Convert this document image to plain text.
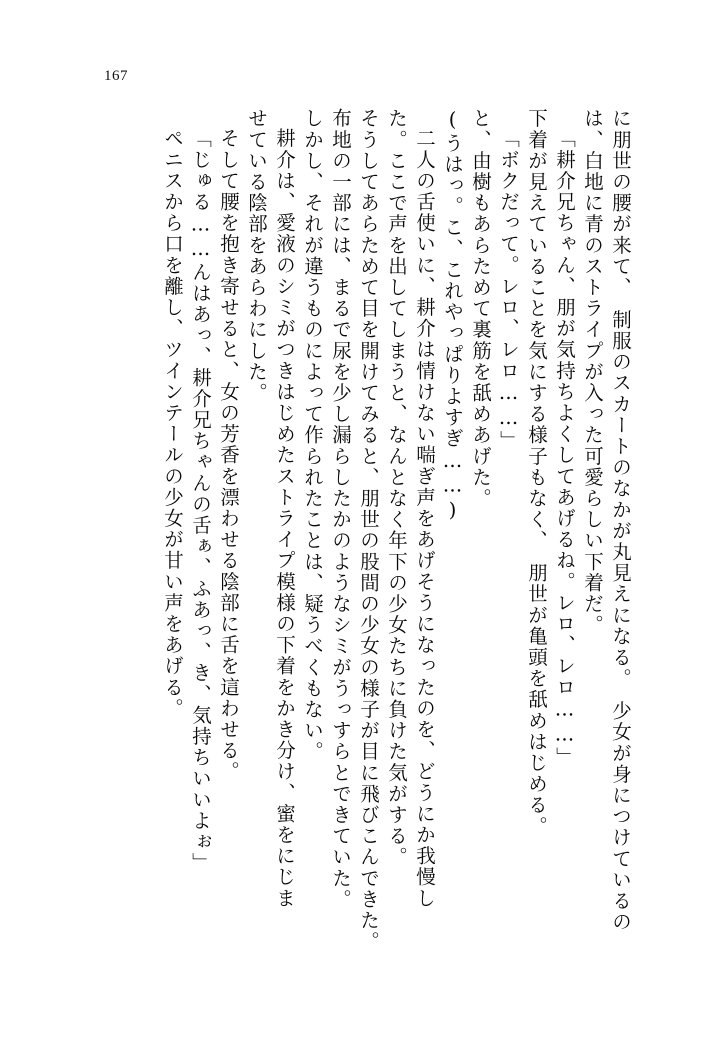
167
に朋世の腰が来て、　制服のスカートのなかが丸見えになる。　少女が身につけているの
は、白地に青のストライプが入った可愛らしい下着だ。
「耕介兄ちゃん、朋が気持ちよくしてあげるね。レロ、レロ……」
下着が見えていることを気にする様子もなく、　朋世が亀頭を舐めはじめる。
「ボクだって。レロ、レロ……」
と、由樹もあらためて裏筋を舐めあげた。
(うはっ。こ、これやっぱりよすぎ……)
二人の舌使いに、耕介は情けない喘ぎ声をあげそうになったのを、どうにか我慢し
た。ここで声を出してしまうと、なんとなく年下の少女たちに負けた気がする。
そうしてあらためて目を開けてみると、朋世の股間の少女の様子が目に飛びこんできた。
布地の一部には、まるで尿を少し漏らしたかのようなシミがうっすらとできていた。
しかし、それが違うものによって作られたことは、疑うべくもない。
耕介は、愛液のシミがつきはじめたストライプ模様の下着をかき分け、蜜をにじま
せている陰部をあらわにした。
そして腰を抱き寄せると、女の芳香を漂わせる陰部に舌を這わせる。
「じゅる……んはあっ、耕介兄ちゃんの舌ぁ、ふあっ、き、気持ちいいよぉ」
ペニスから口を離し、ツインテールの少女が甘い声をあげる。
